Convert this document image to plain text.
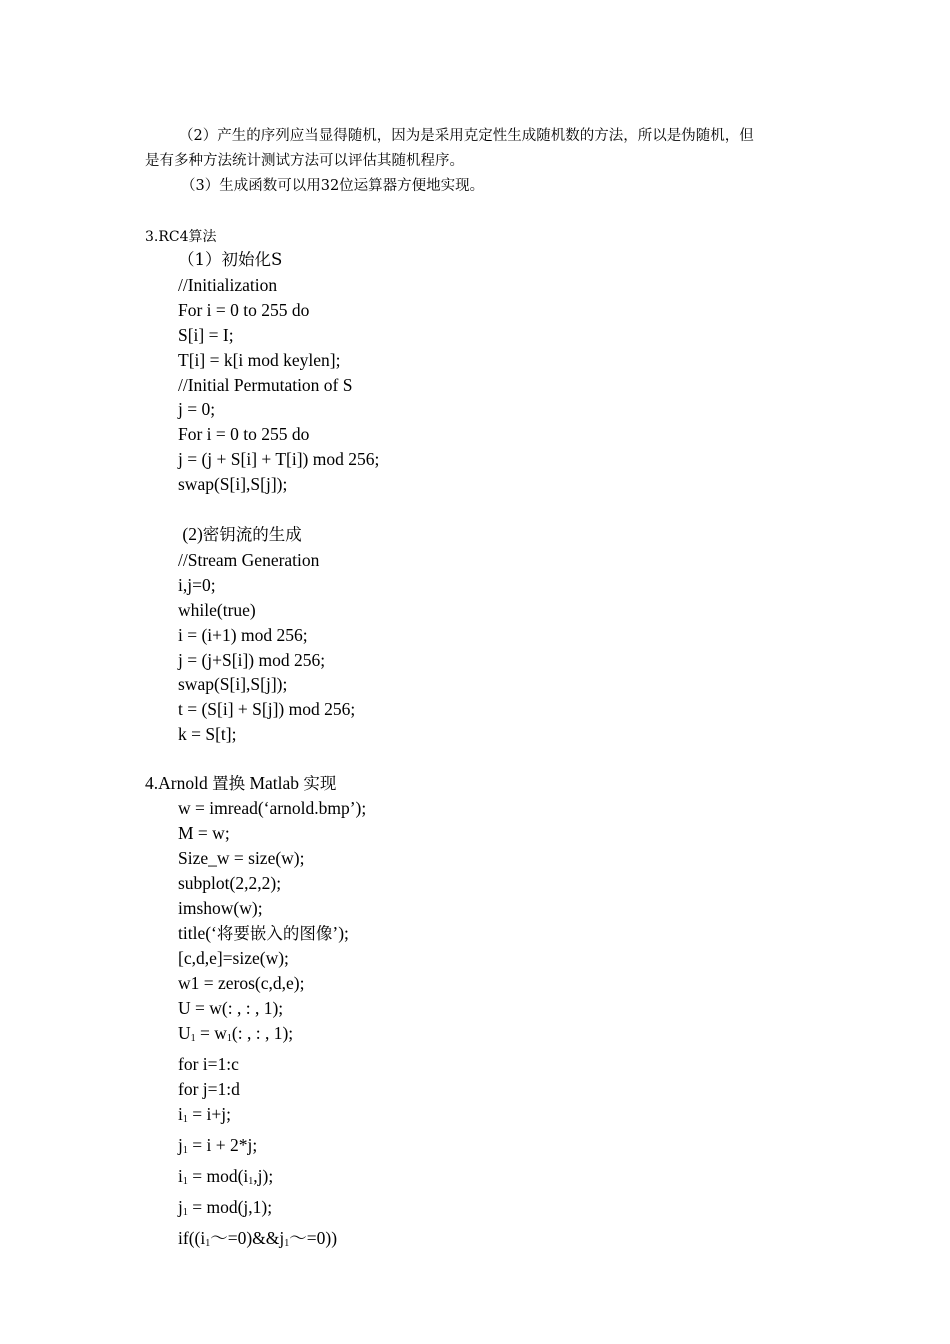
（2）产生的序列应当显得随机，因为是采用克定性生成随机数的方法，所以是伪随机，但

是有多种方法统计测试方法可以评估其随机程序。

（3）生成函数可以用32位运算器方便地实现。

3.RC4算法
（1）初始化S
//Initialization
For i = 0 to 255 do
S[i] = I;
T[i] = k[i mod keylen];
//Initial Permutation of S
j = 0;
For i = 0 to 255 do
j = (j + S[i] + T[i]) mod 256;
swap(S[i],S[j]);
(2)密钥流的生成
//Stream Generation
i,j=0;
while(true)
i = (i+1) mod 256;
j = (j+S[i]) mod 256;
swap(S[i],S[j]);
t = (S[i] + S[j]) mod 256;
k = S[t];
4.Arnold 置换 Matlab 实现
w = imread(‘arnold.bmp’);
M = w;
Size_w = size(w);
subplot(2,2,2);
imshow(w);
title(‘将要嵌入的图像’);
[c,d,e]=size(w);
w1 = zeros(c,d,e);
U = w(: , : , 1);
$U_1 = w_1$(: , : , 1);
for i=1:c
for j=1:d
$i_1 = i+j$;
$j_1 = i + 2*j$;
$i_1 = mod(i_1,j)$;
$j_1 = mod(j,1)$;
$if((i_1\sim=0)\&\&j_1\sim=0)$)
